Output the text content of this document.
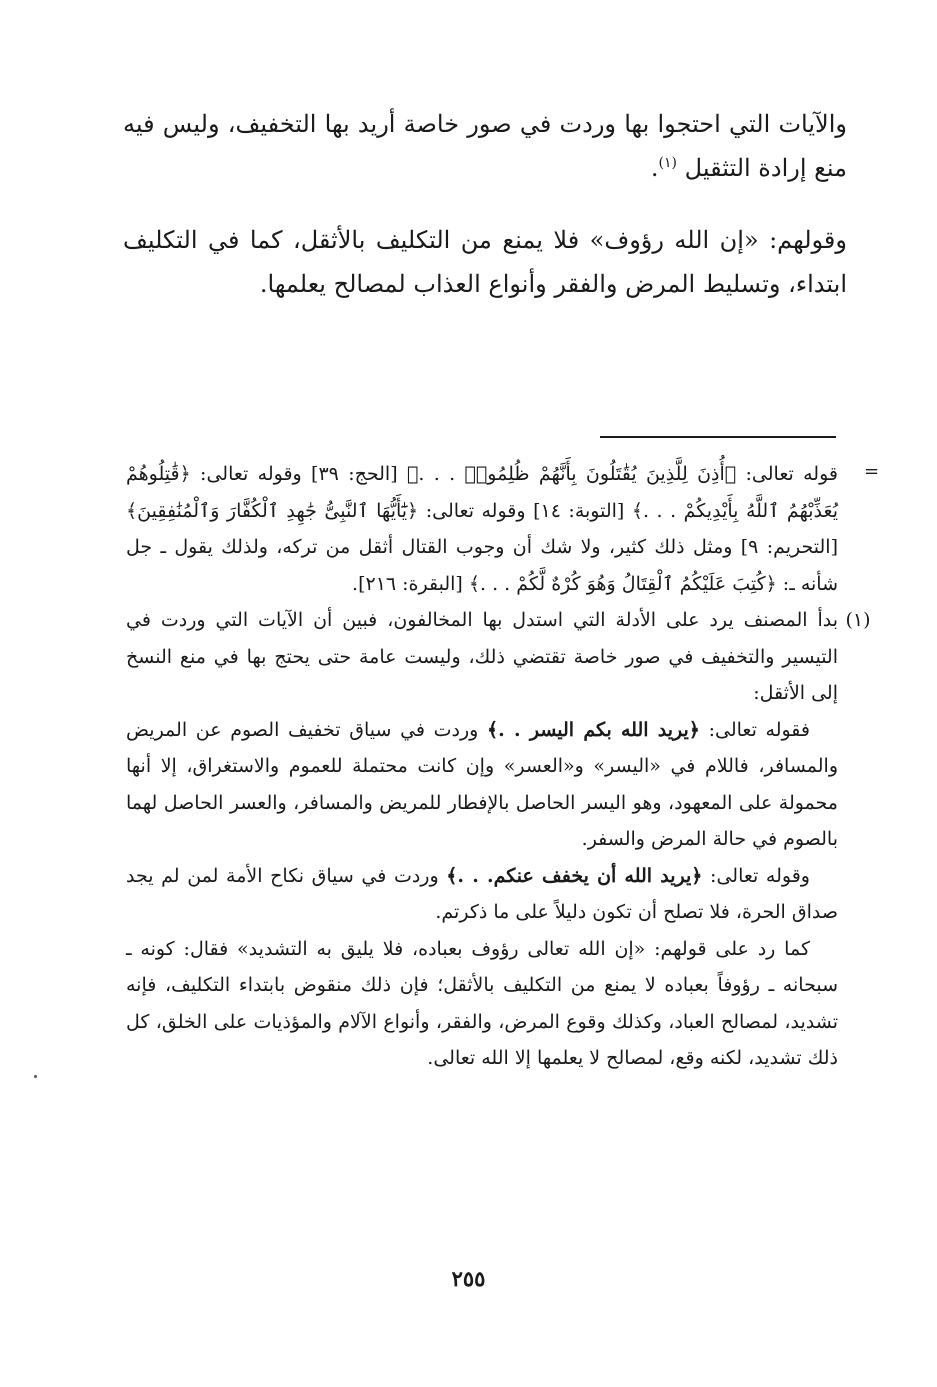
والآيات التي احتجوا بها وردت في صور خاصة أريد بها التخفيف، وليس فيه منع إرادة التثقيل $^{(١)}$.

وقولهم: «إن الله رؤوف» فلا يمنع من التكليف بالأثقل، كما في التكليف ابتداء، وتسليط المرض والفقر وأنواع العذاب لمصالح يعلمها.

=

قوله تعالى: ﴿أُذِنَ لِلَّذِينَ يُقَٰتَلُونَ بِأَنَّهُمْ ظُلِمُوا۟ . . .﴾ [الحج: ٣٩] وقوله تعالى: ﴿قَٰتِلُوهُمْ يُعَذِّبْهُمُ ٱللَّهُ بِأَيْدِيكُمْ . . .﴾ [التوبة: ١٤] وقوله تعالى: ﴿يَٰٓأَيُّهَا ٱلنَّبِىُّ جَٰهِدِ ٱلْكُفَّارَ وَٱلْمُنَٰفِقِينَ﴾ [التحريم: ٩] ومثل ذلك كثير، ولا شك أن وجوب القتال أثقل من تركه، ولذلك يقول ـ جل شأنه ـ: ﴿كُتِبَ عَلَيْكُمُ ٱلْقِتَالُ وَهُوَ كُرْهٌ لَّكُمْ . . .﴾ [البقرة: ٢١٦].

(١)

بدأ المصنف يرد على الأدلة التي استدل بها المخالفون، فبين أن الآيات التي وردت في التيسير والتخفيف في صور خاصة تقتضي ذلك، وليست عامة حتى يحتج بها في منع النسخ إلى الأثقل:

فقوله تعالى: ﴿يريد الله بكم اليسر . .﴾ وردت في سياق تخفيف الصوم عن المريض والمسافر، فاللام في «اليسر» و«العسر» وإن كانت محتملة للعموم والاستغراق، إلا أنها محمولة على المعهود، وهو اليسر الحاصل بالإفطار للمريض والمسافر، والعسر الحاصل لهما بالصوم في حالة المرض والسفر.

وقوله تعالى: ﴿يريد الله أن يخفف عنكم. . .﴾ وردت في سياق نكاح الأمة لمن لم يجد صداق الحرة، فلا تصلح أن تكون دليلاً على ما ذكرتم.

كما رد على قولهم: «إن الله تعالى رؤوف بعباده، فلا يليق به التشديد» فقال: كونه ـ سبحانه ـ رؤوفاً بعباده لا يمنع من التكليف بالأثقل؛ فإن ذلك منقوض بابتداء التكليف، فإنه تشديد، لمصالح العباد، وكذلك وقوع المرض، والفقر، وأنواع الآلام والمؤذيات على الخلق، كل ذلك تشديد، لكنه وقع، لمصالح لا يعلمها إلا الله تعالى.

٢٥٥
